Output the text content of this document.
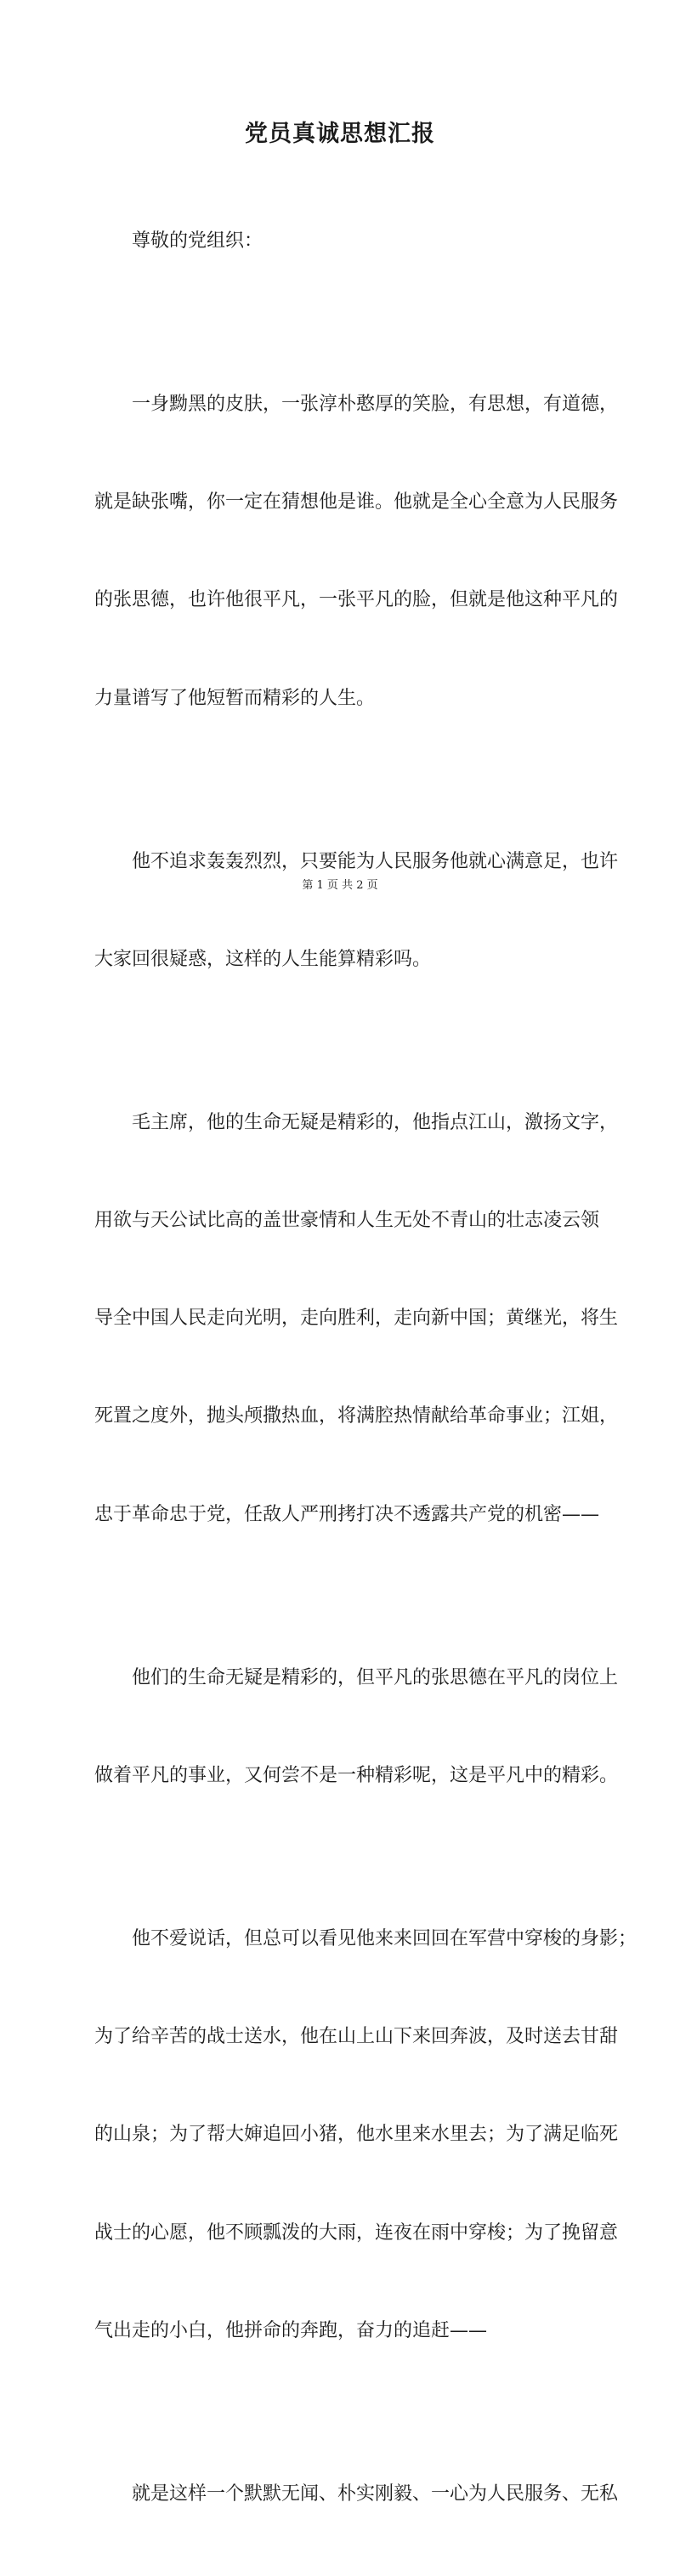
党员真诚思想汇报

尊敬的党组织：

一身黝黑的皮肤，一张淳朴憨厚的笑脸，有思想，有道德，

就是缺张嘴，你一定在猜想他是谁。他就是全心全意为人民服务

的张思德，也许他很平凡，一张平凡的脸，但就是他这种平凡的

力量谱写了他短暂而精彩的人生。

他不追求轰轰烈烈，只要能为人民服务他就心满意足，也许

大家回很疑惑，这样的人生能算精彩吗。

毛主席，他的生命无疑是精彩的，他指点江山，激扬文字，

用欲与天公试比高的盖世豪情和人生无处不青山的壮志凌云领

导全中国人民走向光明，走向胜利，走向新中国；黄继光，将生

死置之度外，抛头颅撒热血，将满腔热情献给革命事业；江姐，

忠于革命忠于党，任敌人严刑拷打决不透露共产党的机密——

他们的生命无疑是精彩的，但平凡的张思德在平凡的岗位上

做着平凡的事业，又何尝不是一种精彩呢，这是平凡中的精彩。

他不爱说话，但总可以看见他来来回回在军营中穿梭的身影；

为了给辛苦的战士送水，他在山上山下来回奔波，及时送去甘甜

的山泉；为了帮大婶追回小猪，他水里来水里去；为了满足临死

战士的心愿，他不顾瓢泼的大雨，连夜在雨中穿梭；为了挽留意

气出走的小白，他拼命的奔跑，奋力的追赶——

就是这样一个默默无闻、朴实刚毅、一心为人民服务、无私

第 1 页 共 2 页
